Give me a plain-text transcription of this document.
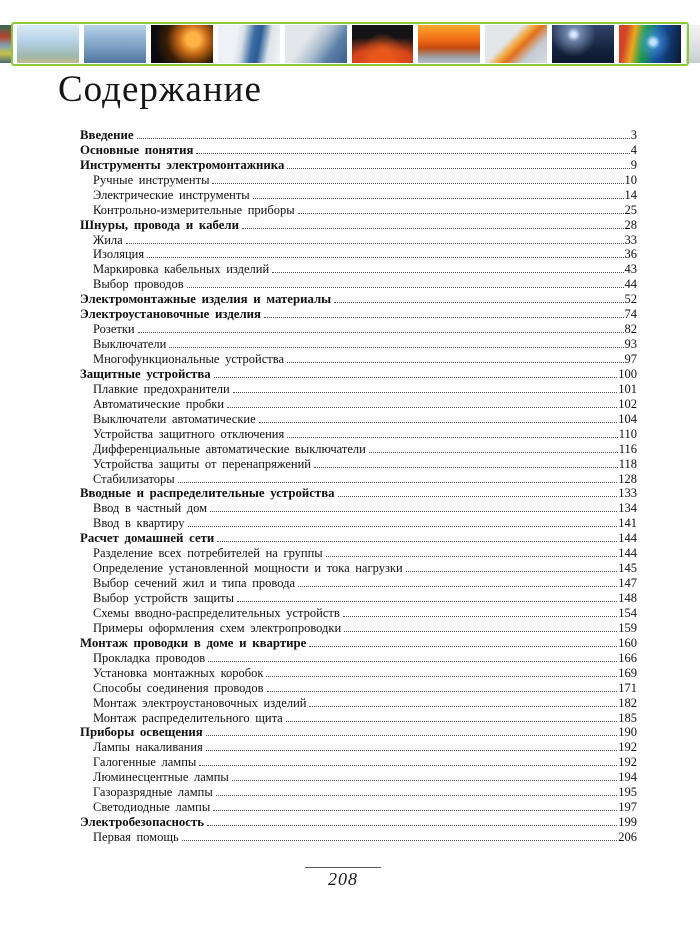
Содержание
Введение	3
Основные понятия	4
Инструменты электромонтажника	9
Ручные инструменты	10
Электрические инструменты	14
Контрольно-измерительные приборы	25
Шнуры, провода и кабели	28
Жила	33
Изоляция	36
Маркировка кабельных изделий	43
Выбор проводов	44
Электромонтажные изделия и материалы	52
Электроустановочные изделия	74
Розетки	82
Выключатели	93
Многофункциональные устройства	97
Защитные устройства	100
Плавкие предохранители	101
Автоматические пробки	102
Выключатели автоматические	104
Устройства защитного отключения	110
Дифференциальные автоматические выключатели	116
Устройства защиты от перенапряжений	118
Стабилизаторы	128
Вводные и распределительные устройства	133
Ввод в частный дом	134
Ввод в квартиру	141
Расчет домашней сети	144
Разделение всех потребителей на группы	144
Определение установленной мощности и тока нагрузки	145
Выбор сечений жил и типа провода	147
Выбор устройств защиты	148
Схемы вводно-распределительных устройств	154
Примеры оформления схем электропроводки	159
Монтаж проводки в доме и квартире	160
Прокладка проводов	166
Установка монтажных коробок	169
Способы соединения проводов	171
Монтаж электроустановочных изделий	182
Монтаж распределительного щита	185
Приборы освещения	190
Лампы накаливания	192
Галогенные лампы	192
Люминесцентные лампы	194
Газоразрядные лампы	195
Светодиодные лампы	197
Электробезопасность	199
Первая помощь	206
208
